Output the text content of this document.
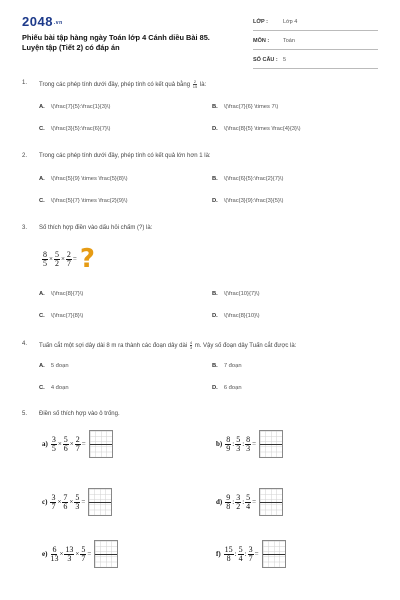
2048.vn
Phiếu bài tập hàng ngày Toán lớp 4 Cánh diều Bài 85.
Luyện tập (Tiết 2) có đáp án
LỚP :	Lớp 4
MÔN :	Toán
SỐ CÂU : 5
1. Trong các phép tính dưới đây, phép tính có kết quả bằng $\frac{2}{15}$ là:
A. \(\frac{7}{5}:\frac{1}{3}\)	B. \(\frac{7}{6} \times 7\)
C. \(\frac{3}{5}:\frac{6}{7}\)	D. \(\frac{8}{5} \times \frac{4}{3}\)
2. Trong các phép tính dưới đây, phép tính có kết quả lớn hơn 1 là:
A. \(\frac{5}{9} \times \frac{5}{8}\)	B. \(\frac{6}{5}:\frac{2}{7}\)
C. \(\frac{5}{7} \times \frac{2}{9}\)	D. \(\frac{3}{9}:\frac{3}{5}\)
3. Số thích hợp điền vào dấu hỏi chấm (?) là:
$\frac{8}{5} \times \frac{5}{2} \times \frac{2}{7}$ = ?
A. \(\frac{8}{7}\)	B. \(\frac{10}{7}\)
C. \(\frac{7}{8}\)	D. \(\frac{8}{10}\)
4. Tuấn cắt một sợi dây dài 8 m ra thành các đoạn dây dài $\frac{4}{3} m$. Vậy số đoạn dây Tuấn cắt được là:
A. 5 đoạn	B. 7 đoạn
C. 4 đoạn	D. 6 đoạn
5. Điền số thích hợp vào ô trống.
$a) \frac{3}{5} \times \frac{5}{6} \times \frac{2}{7}$ =	$b) \frac{8}{9}$ : $\frac{5}{3}$ : $\frac{8}{3}$ =
$c) \frac{3}{7} \times \frac{7}{6} \times \frac{5}{3}$ =	$d) \frac{9}{8}$ : $\frac{3}{2}$ : $\frac{5}{4}$ =
$e) \frac{6}{13} \times \frac{13}{3} \times \frac{5}{7}$ =	$f) \frac{15}{8}$ : $\frac{5}{4}$ : $\frac{3}{7}$ =
